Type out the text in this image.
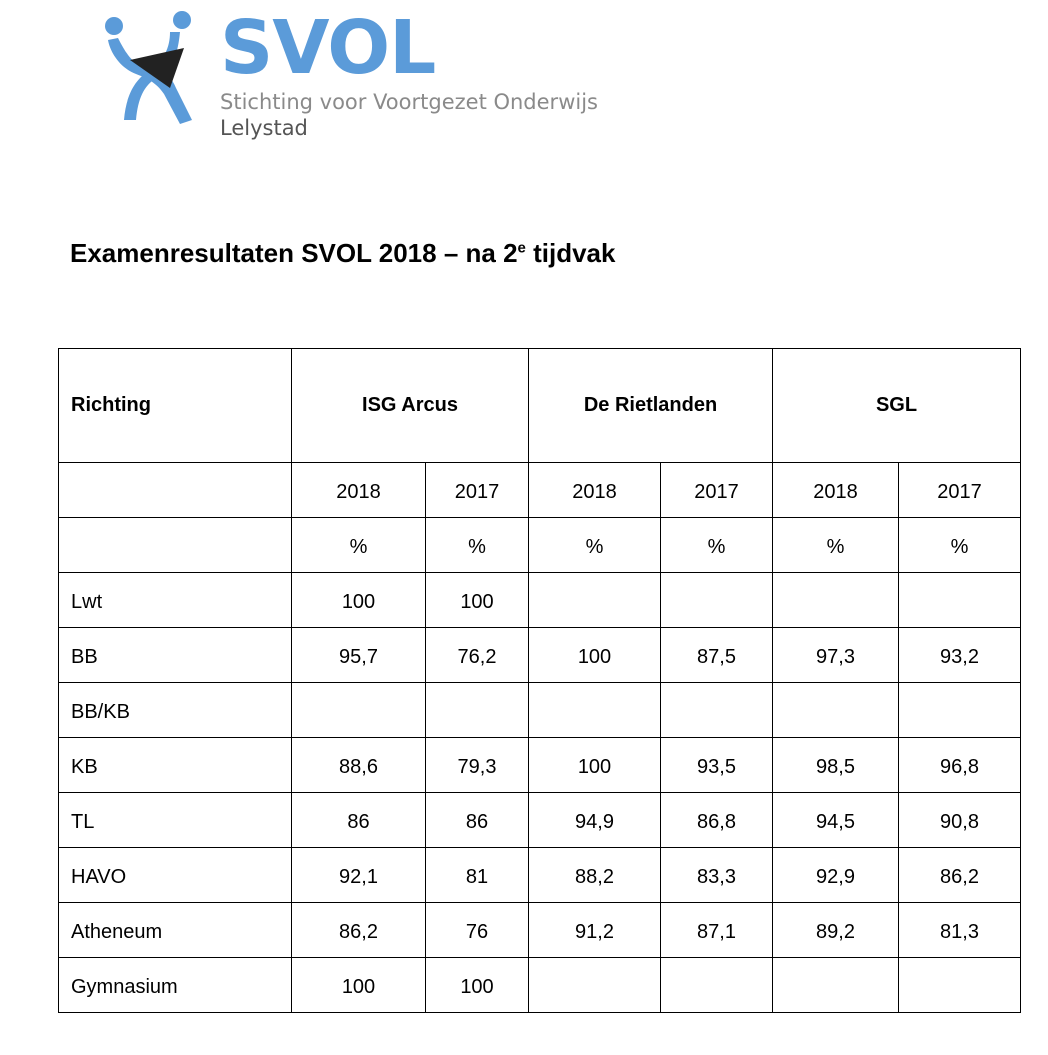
SVOL
Stichting voor Voortgezet Onderwijs
Lelystad
Examenresultaten SVOL 2018 – na 2e tijdvak
Richting	ISG Arcus		De Rietlanden		SGL	
	2018	2017	2018	2017	2018	2017
	%	%	%	%	%	%
Lwt	100	100				
BB	95,7	76,2	100	87,5	97,3	93,2
BB/KB						
KB	88,6	79,3	100	93,5	98,5	96,8
TL	86	86	94,9	86,8	94,5	90,8
HAVO	92,1	81	88,2	83,3	92,9	86,2
Atheneum	86,2	76	91,2	87,1	89,2	81,3
Gymnasium	100	100				
